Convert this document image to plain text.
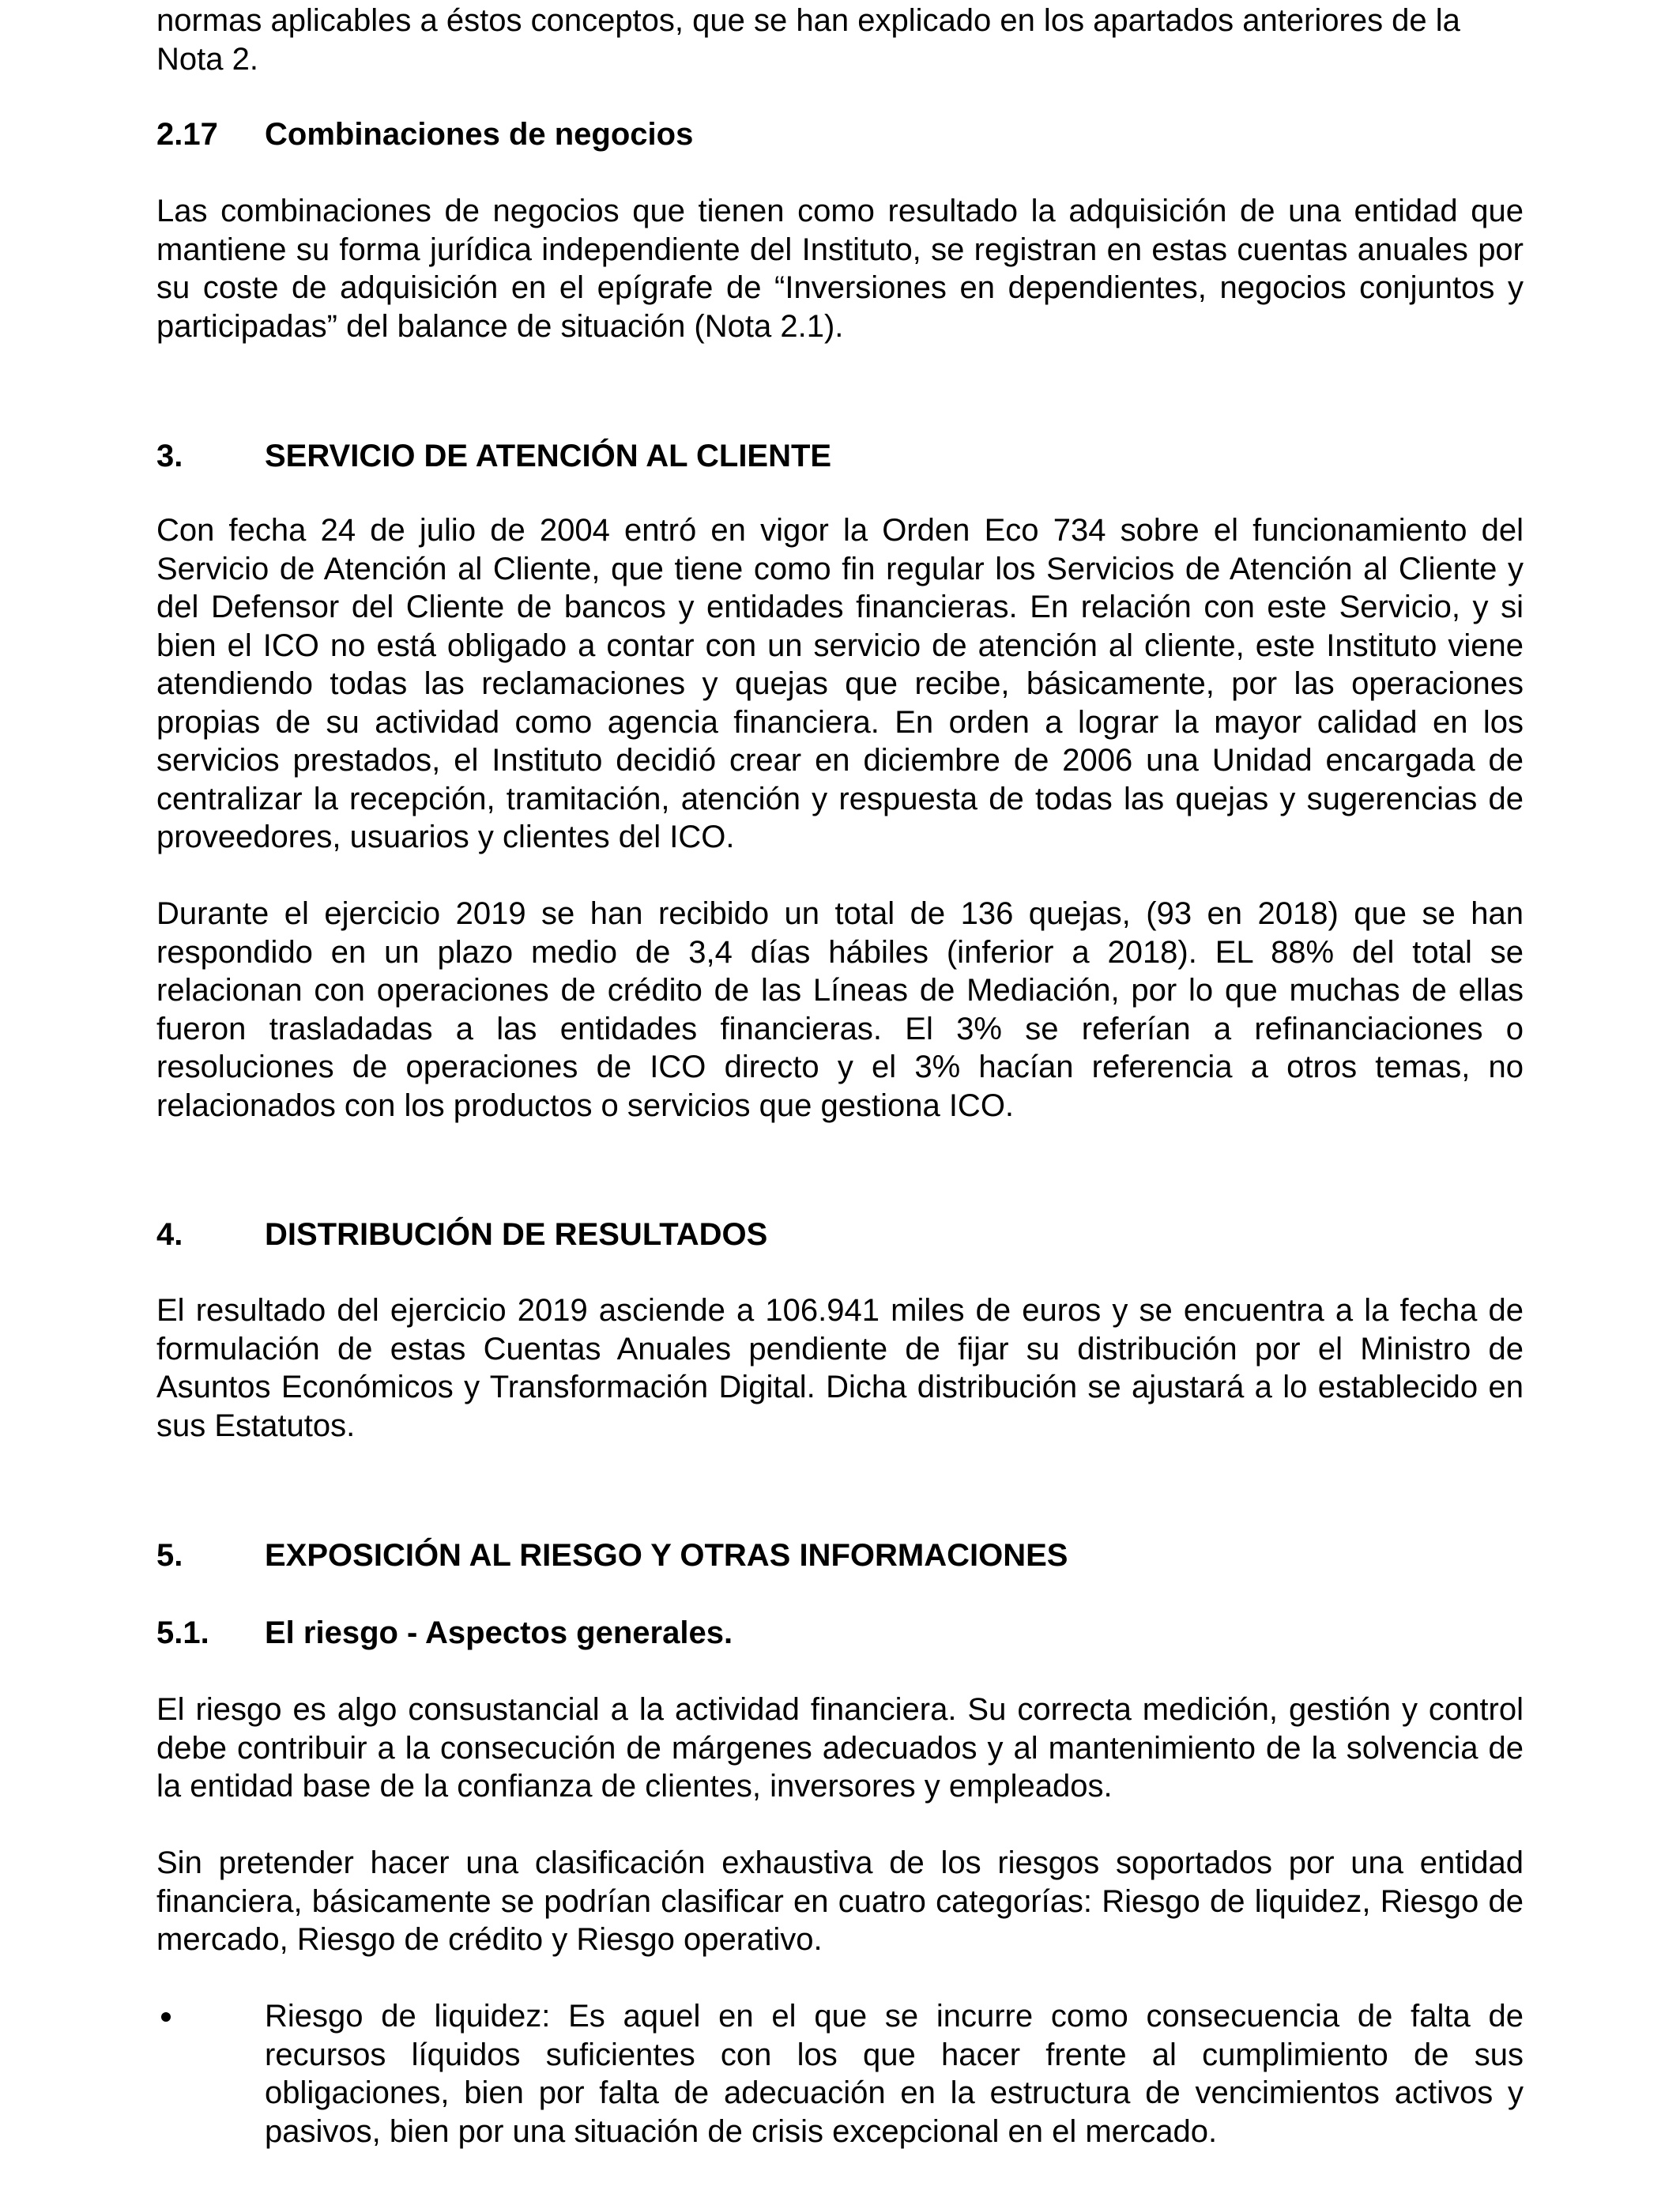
normas aplicables a éstos conceptos, que se han explicado en los apartados anteriores de la Nota 2.

2.17	Combinaciones de negocios

Las combinaciones de negocios que tienen como resultado la adquisición de una entidad que mantiene su forma jurídica independiente del Instituto, se registran en estas cuentas anuales por su coste de adquisición en el epígrafe de “Inversiones en dependientes, negocios conjuntos y participadas” del balance de situación (Nota 2.1).

3.	SERVICIO DE ATENCIÓN AL CLIENTE

Con fecha 24 de julio de 2004 entró en vigor la Orden Eco 734 sobre el funcionamiento del Servicio de Atención al Cliente, que tiene como fin regular los Servicios de Atención al Cliente y del Defensor del Cliente de bancos y entidades financieras. En relación con este Servicio, y si bien el ICO no está obligado a contar con un servicio de atención al cliente, este Instituto viene atendiendo todas las reclamaciones y quejas que recibe, básicamente, por las operaciones propias de su actividad como agencia financiera. En orden a lograr la mayor calidad en los servicios prestados, el Instituto decidió crear en diciembre de 2006 una Unidad encargada de centralizar la recepción, tramitación, atención y respuesta de todas las quejas y sugerencias de proveedores, usuarios y clientes del ICO.

Durante el ejercicio 2019 se han recibido un total de 136 quejas, (93 en 2018) que se han respondido en un plazo medio de 3,4 días hábiles (inferior a 2018). EL 88% del total se relacionan con operaciones de crédito de las Líneas de Mediación, por lo que muchas de ellas fueron trasladadas a las entidades financieras. El 3% se referían a refinanciaciones o resoluciones de operaciones de ICO directo y el 3% hacían referencia a otros temas, no relacionados con los productos o servicios que gestiona ICO.

4.	DISTRIBUCIÓN DE RESULTADOS

El resultado del ejercicio 2019 asciende a 106.941 miles de euros y se encuentra a la fecha de formulación de estas Cuentas Anuales pendiente de fijar su distribución por el Ministro de Asuntos Económicos y Transformación Digital. Dicha distribución se ajustará a lo establecido en sus Estatutos.

5.	EXPOSICIÓN AL RIESGO Y OTRAS INFORMACIONES
5.1.	El riesgo - Aspectos generales.

El riesgo es algo consustancial a la actividad financiera. Su correcta medición, gestión y control debe contribuir a la consecución de márgenes adecuados y al mantenimiento de la solvencia de la entidad base de la confianza de clientes, inversores y empleados.

Sin pretender hacer una clasificación exhaustiva de los riesgos soportados por una entidad financiera, básicamente se podrían clasificar en cuatro categorías: Riesgo de liquidez, Riesgo de mercado, Riesgo de crédito y Riesgo operativo.

Riesgo de liquidez: Es aquel en el que se incurre como consecuencia de falta de recursos líquidos suficientes con los que hacer frente al cumplimiento de sus obligaciones, bien por falta de adecuación en la estructura de vencimientos activos y pasivos, bien por una situación de crisis excepcional en el mercado.
